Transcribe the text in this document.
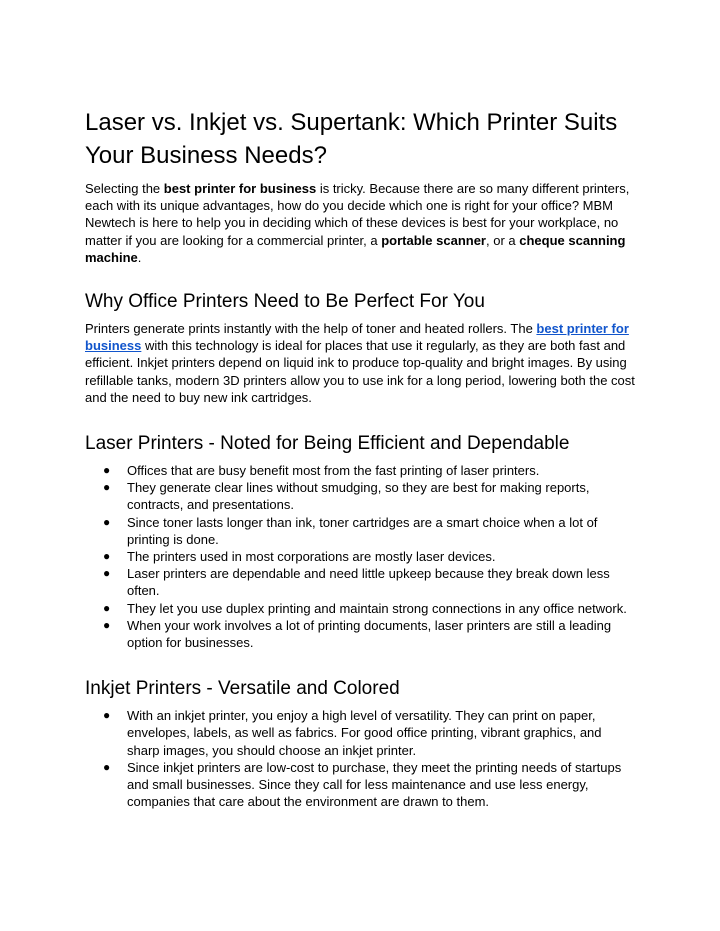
Laser vs. Inkjet vs. Supertank: Which Printer Suits Your Business Needs?

Selecting the best printer for business is tricky. Because there are so many different printers, each with its unique advantages, how do you decide which one is right for your office? MBM Newtech is here to help you in deciding which of these devices is best for your workplace, no matter if you are looking for a commercial printer, a portable scanner, or a cheque scanning machine.

Why Office Printers Need to Be Perfect For You

Printers generate prints instantly with the help of toner and heated rollers. The best printer for business with this technology is ideal for places that use it regularly, as they are both fast and efficient. Inkjet printers depend on liquid ink to produce top-quality and bright images. By using refillable tanks, modern 3D printers allow you to use ink for a long period, lowering both the cost and the need to buy new ink cartridges.

Laser Printers - Noted for Being Efficient and Dependable
● Offices that are busy benefit most from the fast printing of laser printers.
● They generate clear lines without smudging, so they are best for making reports, contracts, and presentations.
● Since toner lasts longer than ink, toner cartridges are a smart choice when a lot of printing is done.
● The printers used in most corporations are mostly laser devices.
● Laser printers are dependable and need little upkeep because they break down less often.
● They let you use duplex printing and maintain strong connections in any office network.
● When your work involves a lot of printing documents, laser printers are still a leading option for businesses.
Inkjet Printers - Versatile and Colored
● With an inkjet printer, you enjoy a high level of versatility. They can print on paper, envelopes, labels, as well as fabrics. For good office printing, vibrant graphics, and sharp images, you should choose an inkjet printer.
● Since inkjet printers are low-cost to purchase, they meet the printing needs of startups and small businesses. Since they call for less maintenance and use less energy, companies that care about the environment are drawn to them.
